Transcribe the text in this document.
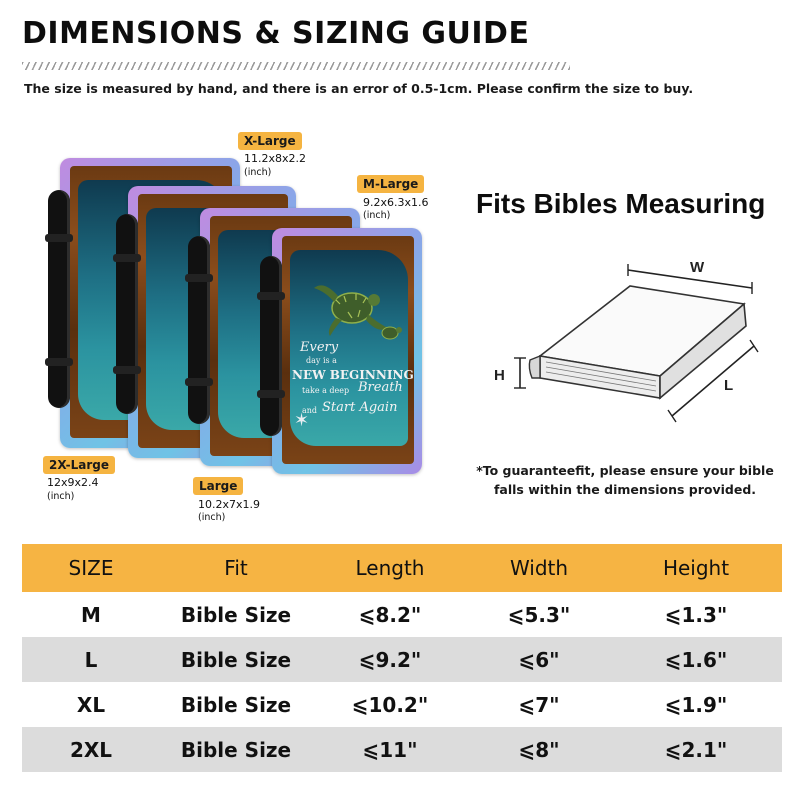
DIMENSIONS & SIZING GUIDE
The size is measured by hand, and there is an error of 0.5-1cm. Please confirm the size to buy.
Every
day is a
NEW BEGINNING
take a deep Breath
and Start Again
✶
X-Large
11.2x8x2.2
(inch)
M-Large
9.2x6.3x1.6
(inch)
2X-Large
12x9x2.4
(inch)
Large
10.2x7x1.9
(inch)
Fits Bibles Measuring
W
H
L
*To guaranteefit, please ensure your bible falls within the dimensions provided.
SIZE	Fit	Length	Width	Height
M	Bible Size	⩽8.2"	⩽5.3"	⩽1.3"
L	Bible Size	⩽9.2"	⩽6"	⩽1.6"
XL	Bible Size	⩽10.2"	⩽7"	⩽1.9"
2XL	Bible Size	⩽11"	⩽8"	⩽2.1"
